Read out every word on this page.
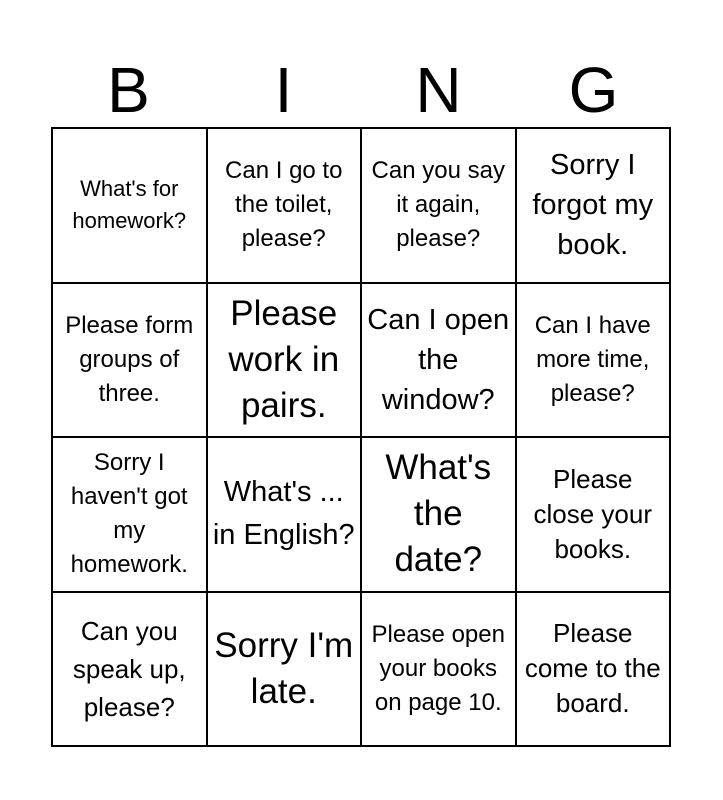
B	I	N	G
What's for homework?
Can I go to the toilet, please?
Can you say it again, please?
Sorry I forgot my book.
Please form groups of three.
Please work in pairs.
Can I open the window?
Can I have more time, please?
Sorry I haven't got my homework.
What's ... in English?
What's the date?
Please close your books.
Can you speak up, please?
Sorry I'm late.
Please open your books on page 10.
Please come to the board.
